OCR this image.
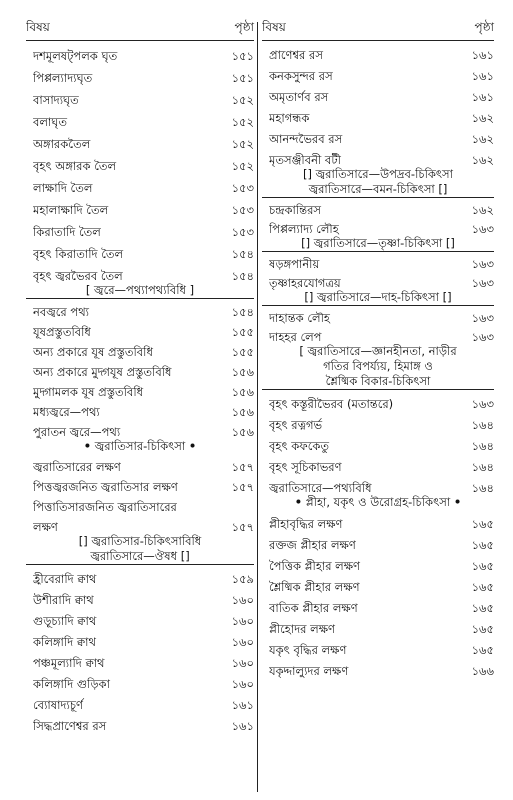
বিষয়	পৃষ্ঠা
দশমূলষট্পলক ঘৃত	১৫১
পিপ্পল্যাদ্যঘৃত	১৫১
বাসাদ্যঘৃত	১৫২
বলাঘৃত	১৫২
অঙ্গারকতৈল	১৫২
বৃহৎ অঙ্গারক তৈল	১৫২
লাক্ষাদি তৈল	১৫৩
মহালাক্ষাদি তৈল	১৫৩
কিরাতাদি তৈল	১৫৩
বৃহৎ কিরাতাদি তৈল	১৫৪
বৃহৎ জ্বরভৈরব তৈল	১৫৪
[ জ্বরে—পথ্যাপথ্যবিধি ]
নবজ্বরে পথ্য	১৫৪
যূষপ্রস্তুতবিধি	১৫৫
অন্য প্রকারে যূষ প্রস্তুতবিধি	১৫৫
অন্য প্রকারে মুদ্গযূষ প্রস্তুতবিধি	১৫৬
মুদ্গামলক যূষ প্রস্তুতবিধি	১৫৬
মধ্যজ্বরে—পথ্য	১৫৬
পুরাতন জ্বরে—পথ্য	১৫৬
• জ্বরাতিসার-চিকিৎসা •
জ্বরাতিসারের লক্ষণ	১৫৭
পিত্তজ্বরজনিত জ্বরাতিসার লক্ষণ	১৫৭
পিত্তাতিসারজনিত জ্বরাতিসারের
লক্ষণ	১৫৭
[] জ্বরাতিসার-চিকিৎসাবিধি
জ্বরাতিসারে—ঔষধ []
হ্রীবেরাদি ক্বাথ	১৫৯
উশীরাদি ক্বাথ	১৬০
গুড়ূচ্যাদি ক্বাথ	১৬০
কলিঙ্গাদি ক্বাথ	১৬০
পঞ্চমূল্যাদি ক্বাথ	১৬০
কলিঙ্গাদি গুড়িকা	১৬০
ব্যোষাদ্যচূর্ণ	১৬১
সিদ্ধপ্রাণেশ্বর রস	১৬১
বিষয়	পৃষ্ঠা
প্রাণেশ্বর রস	১৬১
কনকসুন্দর রস	১৬১
অমৃতার্ণব রস	১৬১
মহাগন্ধক	১৬২
আনন্দভৈরব রস	১৬২
মৃতসঞ্জীবনী বটী	১৬২
[] জ্বরাতিসারে—উপদ্রব-চিকিৎসা
জ্বরাতিসারে—বমন-চিকিৎসা []
চন্দ্রকান্তিরস	১৬২
পিপ্পল্যাদ্য লৌহ	১৬৩
[] জ্বরাতিসারে—তৃষ্ণা-চিকিৎসা []
ষড়ঙ্গপানীয়	১৬৩
তৃষ্ণাহরযোগত্রয়	১৬৩
[] জ্বরাতিসারে—দাহ-চিকিৎসা []
দাহান্তক লৌহ	১৬৩
দাহহর লেপ	১৬৩
[ জ্বরাতিসারে—জ্ঞানহীনতা, নাড়ীর
গতির বিপর্য্যয়, হিমাঙ্গ ও
শ্লৈষ্মিক বিকার-চিকিৎসা
বৃহৎ কস্তূরীভৈরব (মতান্তরে)	১৬৩
বৃহৎ রত্নগর্ভ	১৬৪
বৃহৎ কফকেতু	১৬৪
বৃহৎ সূচিকাভরণ	১৬৪
জ্বরাতিসারে—পথ্যবিধি	১৬৪
• প্লীহা, যকৃৎ ও উরোগ্রহ-চিকিৎসা •
প্লীহাবৃদ্ধির লক্ষণ	১৬৫
রক্তজ প্লীহার লক্ষণ	১৬৫
পৈত্তিক প্লীহার লক্ষণ	১৬৫
শ্লৈষ্মিক প্লীহার লক্ষণ	১৬৫
বাতিক প্লীহার লক্ষণ	১৬৫
প্লীহোদর লক্ষণ	১৬৫
যকৃৎ বৃদ্ধির লক্ষণ	১৬৫
যকৃদ্দাল্যুদর লক্ষণ	১৬৬
